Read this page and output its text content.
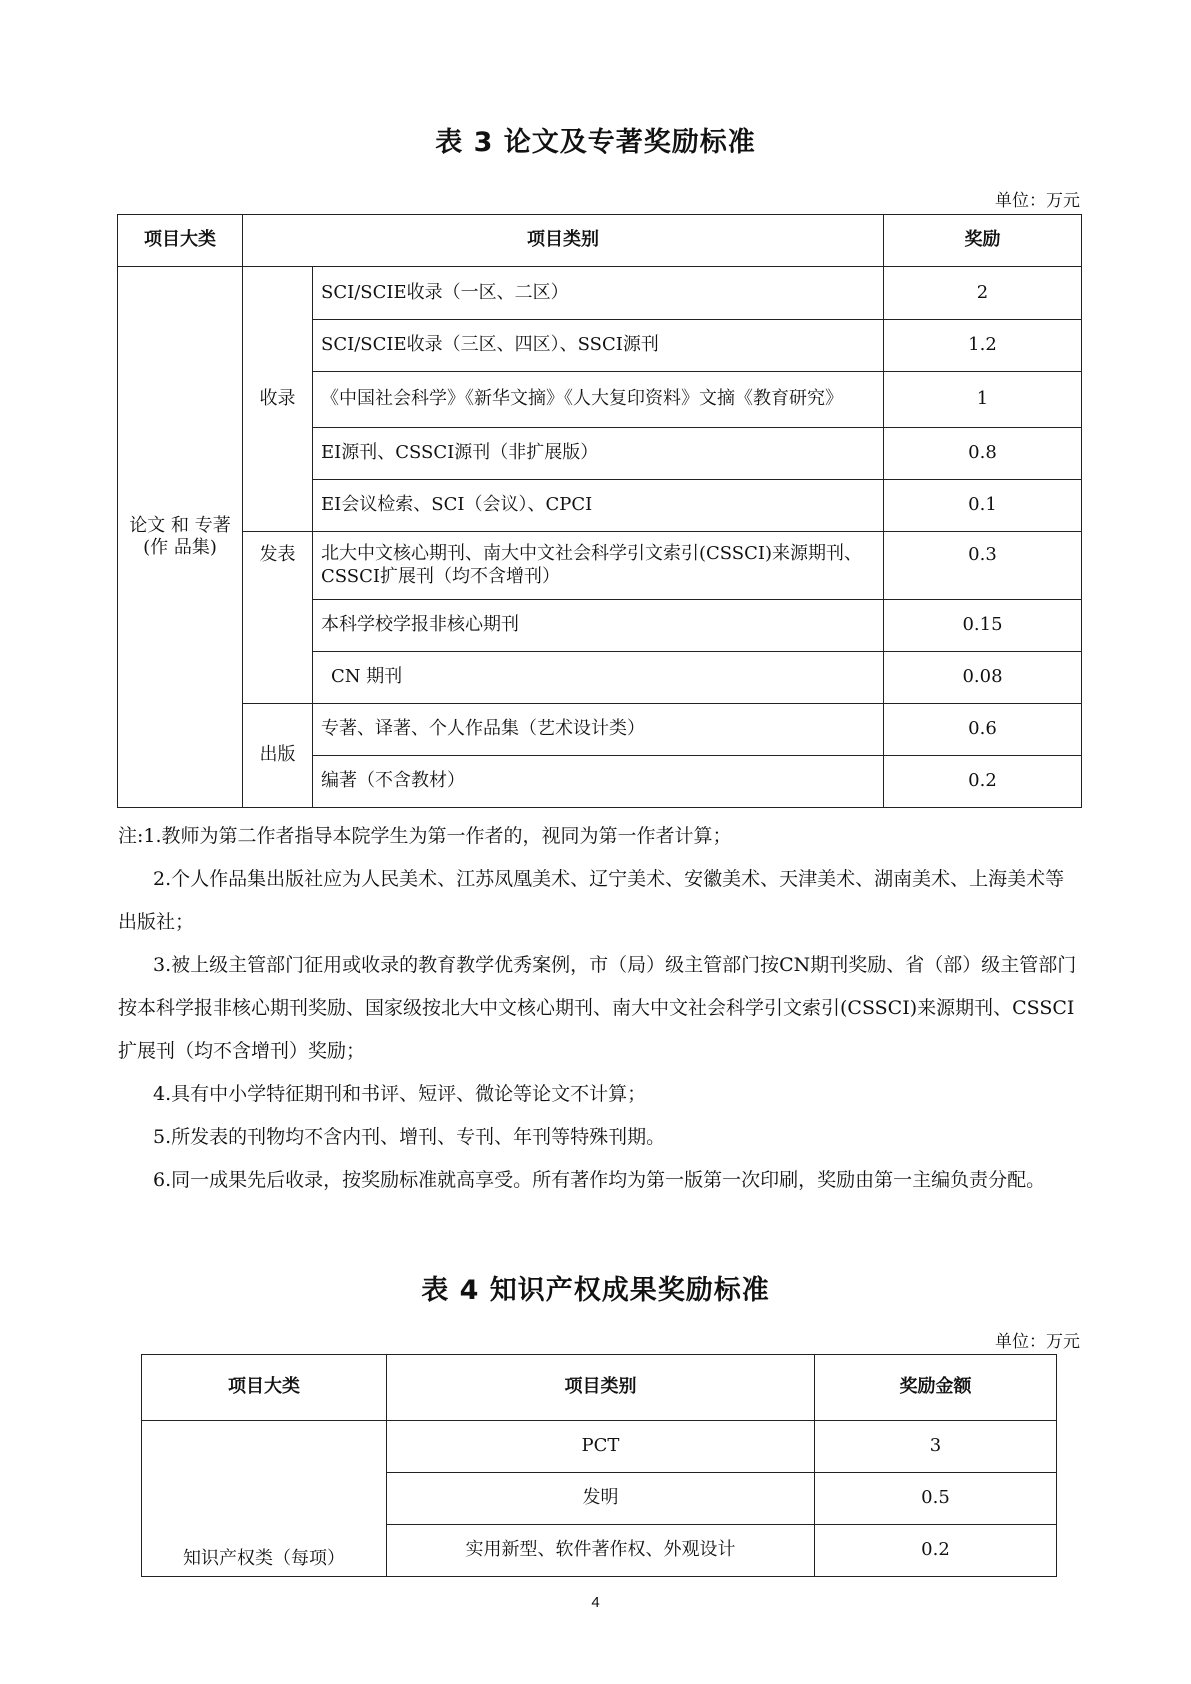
表 3 论文及专著奖励标准
单位：万元
项目大类	项目类别		奖励
论文 和 专著(作 品集)	收录	SCI/SCIE收录（一区、二区）	2
		SCI/SCIE收录（三区、四区）、SSCI源刊	1.2
		《中国社会科学》《新华文摘》《人大复印资料》文摘《教育研究》	1
		EI源刊、CSSCI源刊（非扩展版）	0.8
		EI会议检索、SCI（会议）、CPCI	0.1
	发表	北大中文核心期刊、南大中文社会科学引文索引(CSSCI)来源期刊、CSSCI扩展刊（均不含增刊）	0.3
		本科学校学报非核心期刊	0.15
		CN 期刊	0.08
	出版	专著、译著、个人作品集（艺术设计类）	0.6
		编著（不含教材）	0.2

注:1.教师为第二作者指导本院学生为第一作者的，视同为第一作者计算；

2.个人作品集出版社应为人民美术、江苏凤凰美术、辽宁美术、安徽美术、天津美术、湖南美术、上海美术等出版社；

3.被上级主管部门征用或收录的教育教学优秀案例，市（局）级主管部门按CN期刊奖励、省（部）级主管部门按本科学报非核心期刊奖励、国家级按北大中文核心期刊、南大中文社会科学引文索引(CSSCI)来源期刊、CSSCI扩展刊（均不含增刊）奖励；

4.具有中小学特征期刊和书评、短评、微论等论文不计算；

5.所发表的刊物均不含内刊、增刊、专刊、年刊等特殊刊期。

6.同一成果先后收录，按奖励标准就高享受。所有著作均为第一版第一次印刷，奖励由第一主编负责分配。

表 4 知识产权成果奖励标准
单位：万元
项目大类	项目类别	奖励金额
知识产权类（每项）	PCT	3
	发明	0.5
	实用新型、软件著作权、外观设计	0.2
4
